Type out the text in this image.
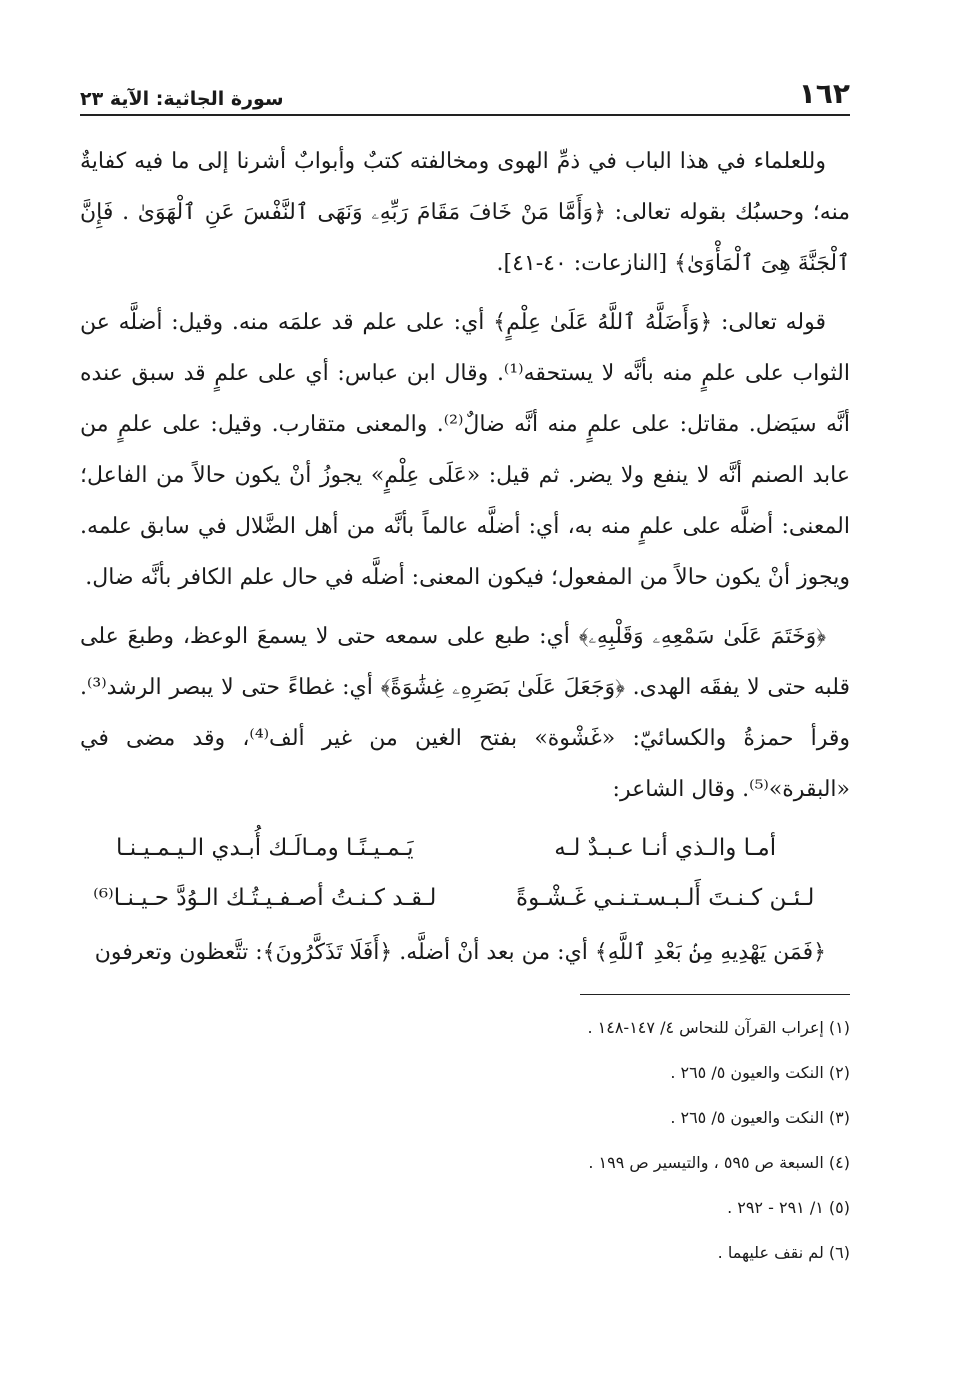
١٦٢
سورة الجاثية: الآية ٢٣

وللعلماء في هذا الباب في ذمِّ الهوى ومخالفته كتبٌ وأبوابٌ أشرنا إلى ما فيه كفايةٌ منه؛ وحسبُك بقوله تعالى: ﴿وَأَمَّا مَنْ خَافَ مَقَامَ رَبِّهِۦ وَنَهَى ٱلنَّفْسَ عَنِ ٱلْهَوَىٰ . فَإِنَّ ٱلْجَنَّةَ هِىَ ٱلْمَأْوَىٰ﴾ [النازعات: ٤٠-٤١].

قوله تعالى: ﴿وَأَضَلَّهُ ٱللَّهُ عَلَىٰ عِلْمٍ﴾ أي: على علم قد علمَه منه. وقيل: أضلَّه عن الثواب على علمٍ منه بأنَّه لا يستحقه⁽¹⁾. وقال ابن عباس: أي على علمٍ قد سبق عنده أنَّه سيَضل. مقاتل: على علمٍ منه أنَّه ضالٌ⁽²⁾. والمعنى متقارب. وقيل: على علمٍ من عابد الصنم أنَّه لا ينفع ولا يضر. ثم قيل: «عَلَى عِلْمٍ» يجوزُ أنْ يكون حالاً من الفاعل؛ المعنى: أضلَّه على علمٍ منه به، أي: أضلَّه عالماً بأنَّه من أهل الضَّلال في سابق علمه. ويجوز أنْ يكون حالاً من المفعول؛ فيكون المعنى: أضلَّه في حال علم الكافر بأنَّه ضال.

﴿وَخَتَمَ عَلَىٰ سَمْعِهِۦ وَقَلْبِهِۦ﴾ أي: طبع على سمعه حتى لا يسمعَ الوعظ، وطبعَ على قلبه حتى لا يفقَه الهدى. ﴿وَجَعَلَ عَلَىٰ بَصَرِهِۦ غِشَٰوَةً﴾ أي: غطاءً حتى لا يبصر الرشد⁽³⁾. وقرأ حمزةُ والكسائيّ: «غَشْوة» بفتح الغين من غير ألف⁽⁴⁾، وقد مضى في «البقرة»⁽⁵⁾. وقال الشاعر:

أمـا والـذي أنـا عـبـدٌ لـه
يَـمـيـنًـا ومـالَـك أُبـدي الـيـمـيـنـا
لـئـن كـنـتَ أَلـبـسـتـنـي غَـشْـوةً
لـقـد كـنـتُ أصـفـيـتُـك الـوُدَّ حـيـنـا⁽⁶⁾

﴿فَمَن يَهْدِيهِ مِنۢ بَعْدِ ٱللَّهِ﴾ أي: من بعد أنْ أضلَّه. ﴿أَفَلَا تَذَكَّرُونَ﴾: تتَّعظون وتعرفون

(١) إعراب القرآن للنحاس ٤/ ١٤٧-١٤٨ .
(٢) النكت والعيون ٥/ ٢٦٥ .
(٣) النكت والعيون ٥/ ٢٦٥ .
(٤) السبعة ص ٥٩٥ ، والتيسير ص ١٩٩ .
(٥) ١/ ٢٩١ - ٢٩٢ .
(٦) لم نقف عليهما .
